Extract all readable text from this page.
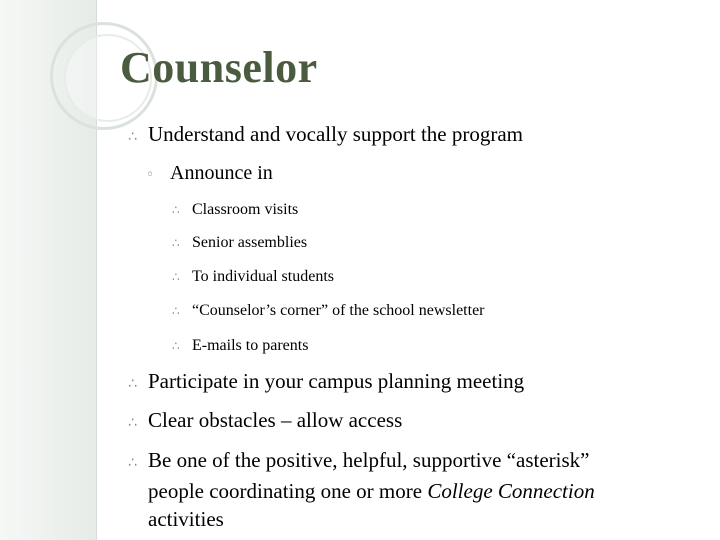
Counselor
∴ Understand and vocally support the program
◦ Announce in
∴ Classroom visits
∴ Senior assemblies
∴ To individual students
∴ “Counselor’s corner” of the school newsletter
∴ E-mails to parents
∴ Participate in your campus planning meeting
∴ Clear obstacles – allow access
∴ Be one of the positive, helpful, supportive “asterisk”
people coordinating one or more College Connection
activities
